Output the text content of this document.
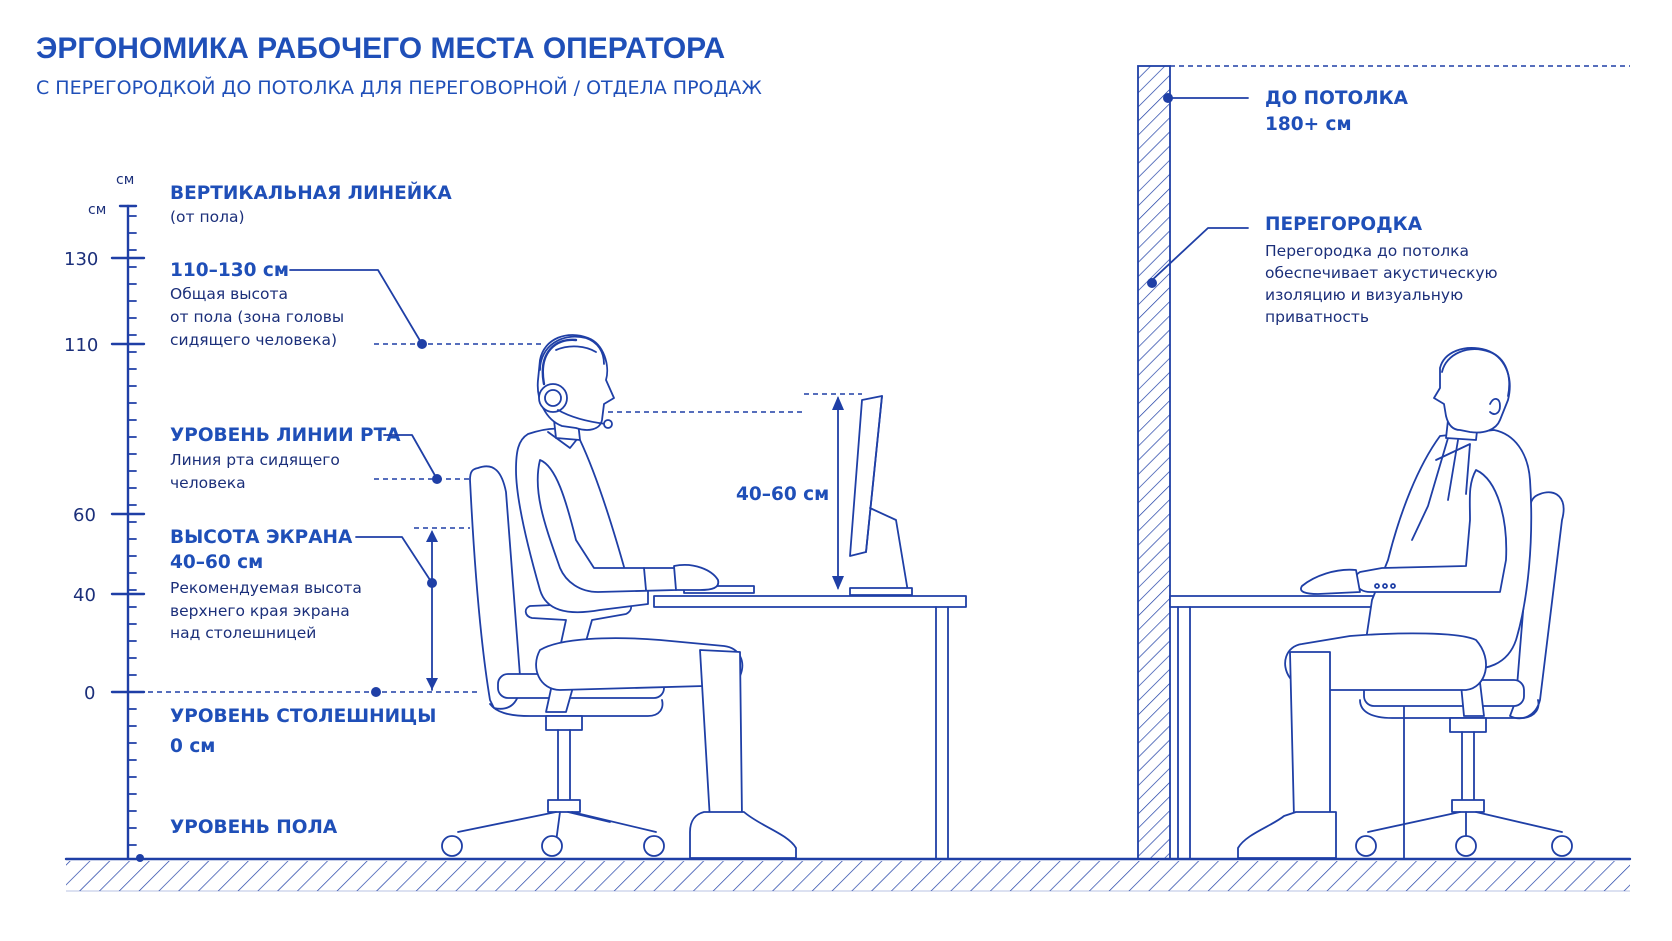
ЭРГОНОМИКА РАБОЧЕГО МЕСТА ОПЕРАТОРА
С ПЕРЕГОРОДКОЙ ДО ПОТОЛКА ДЛЯ ПЕРЕГОВОРНОЙ / ОТДЕЛА ПРОДАЖ
см
см
130
110
60
40
0
ВЕРТИКАЛЬНАЯ ЛИНЕЙКА
(от пола)
110–130 см
Общая высота
от пола (зона головы
сидящего человека)
УРОВЕНЬ ЛИНИИ РТА
Линия рта сидящего
человека
ВЫСОТА ЭКРАНА
40–60 см
Рекомендуемая высота
верхнего края экрана
над столешницей
УРОВЕНЬ СТОЛЕШНИЦЫ
0 см
УРОВЕНЬ ПОЛА
40–60 см
ДО ПОТОЛКА
180+ см
ПЕРЕГОРОДКА
Перегородка до потолка
обеспечивает акустическую
изоляцию и визуальную
приватность
